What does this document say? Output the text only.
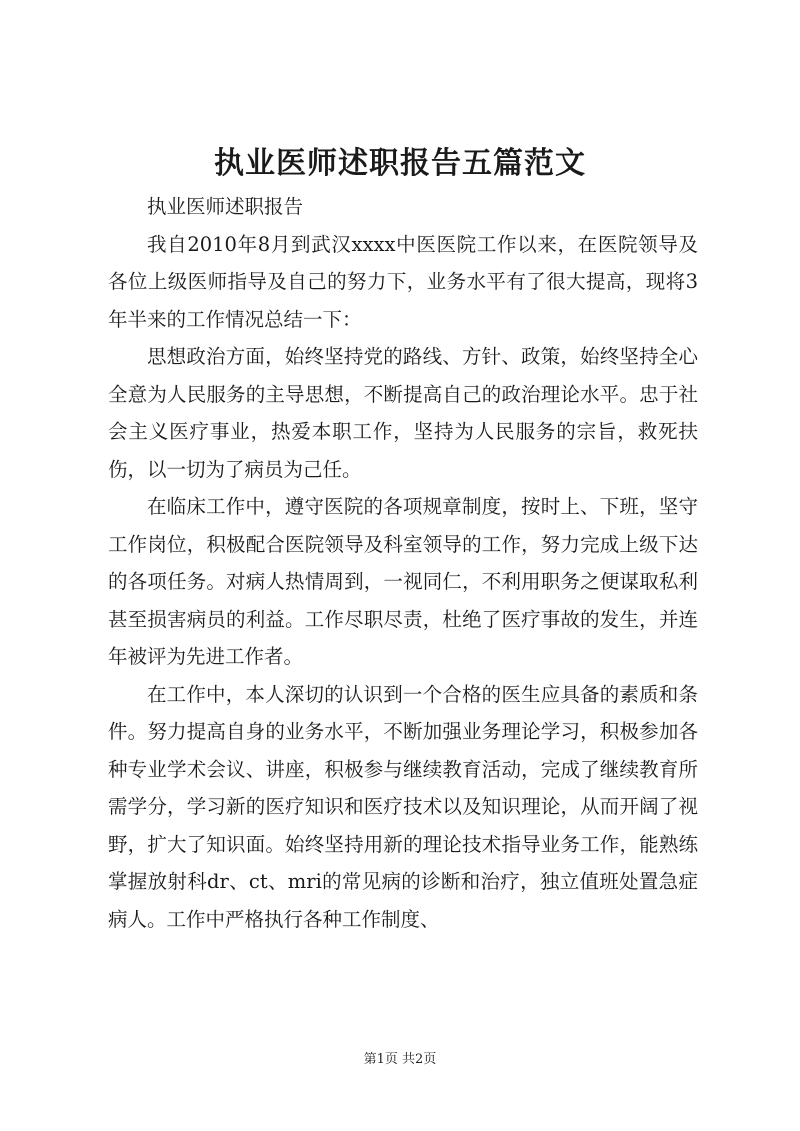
执业医师述职报告五篇范文

执业医师述职报告

我自2010年8月到武汉xxxx中医医院工作以来，在医院领导及各位上级医师指导及自己的努力下，业务水平有了很大提高，现将3年半来的工作情况总结一下：

思想政治方面，始终坚持党的路线、方针、政策，始终坚持全心全意为人民服务的主导思想，不断提高自己的政治理论水平。忠于社会主义医疗事业，热爱本职工作，坚持为人民服务的宗旨，救死扶伤，以一切为了病员为己任。

在临床工作中，遵守医院的各项规章制度，按时上、下班，坚守工作岗位，积极配合医院领导及科室领导的工作，努力完成上级下达的各项任务。对病人热情周到，一视同仁，不利用职务之便谋取私利甚至损害病员的利益。工作尽职尽责，杜绝了医疗事故的发生，并连年被评为先进工作者。

在工作中，本人深切的认识到一个合格的医生应具备的素质和条件。努力提高自身的业务水平，不断加强业务理论学习，积极参加各种专业学术会议、讲座，积极参与继续教育活动，完成了继续教育所需学分，学习新的医疗知识和医疗技术以及知识理论，从而开阔了视野，扩大了知识面。始终坚持用新的理论技术指导业务工作，能熟练掌握放射科dr、ct、mri的常见病的诊断和治疗，独立值班处置急症病人。工作中严格执行各种工作制度、

第1页 共2页
